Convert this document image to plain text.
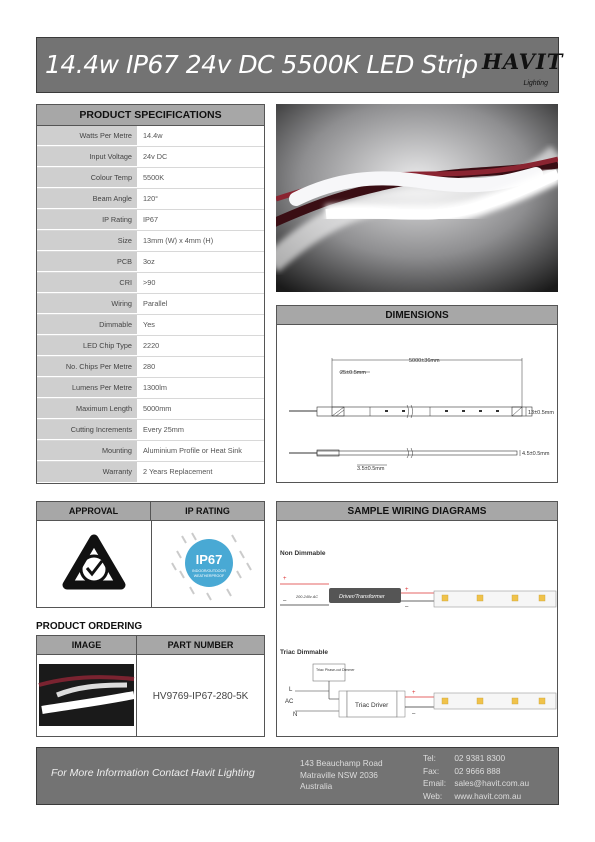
14.4w IP67 24v DC 5500K LED Strip HAVIT
Lighting
PRODUCT SPECIFICATIONS
Watts Per Metre	14.4w
Input Voltage	24v DC
Colour Temp	5500K
Beam Angle	120°
IP Rating	IP67
Size	13mm (W) x 4mm (H)
PCB	3oz
CRI	>90
Wiring	Parallel
Dimmable	Yes
LED Chip Type	2220
No. Chips Per Metre	280
Lumens Per Metre	1300lm
Maximum Length	5000mm
Cutting Increments	Every 25mm
Mounting	Aluminium Profile or Heat Sink
Warranty	2 Years Replacement
DIMENSIONS
5000±36mm
25±0.5mm
13±0.5mm
4.5±0.5mm
3.5±0.5mm
APPROVAL	IP RATING
IP67
INDOOR/OUTDOOR
WEATHERPROOF
PRODUCT ORDERING
IMAGE	PART NUMBER
HV9769-IP67-280-5K
SAMPLE WIRING DIAGRAMS
Non Dimmable
+
–
200-240v AC	Driver/Transformer
+
–
Triac Dimmable
Triac Phase-cut Dimmer
L
AC
N
Triac Driver
+
–
For More Information Contact Havit Lighting
143 Beauchamp Road
Matraville NSW 2036
Australia
Tel: 02 9381 8300
Fax: 02 9666 888
Email: sales@havit.com.au
Web: www.havit.com.au
